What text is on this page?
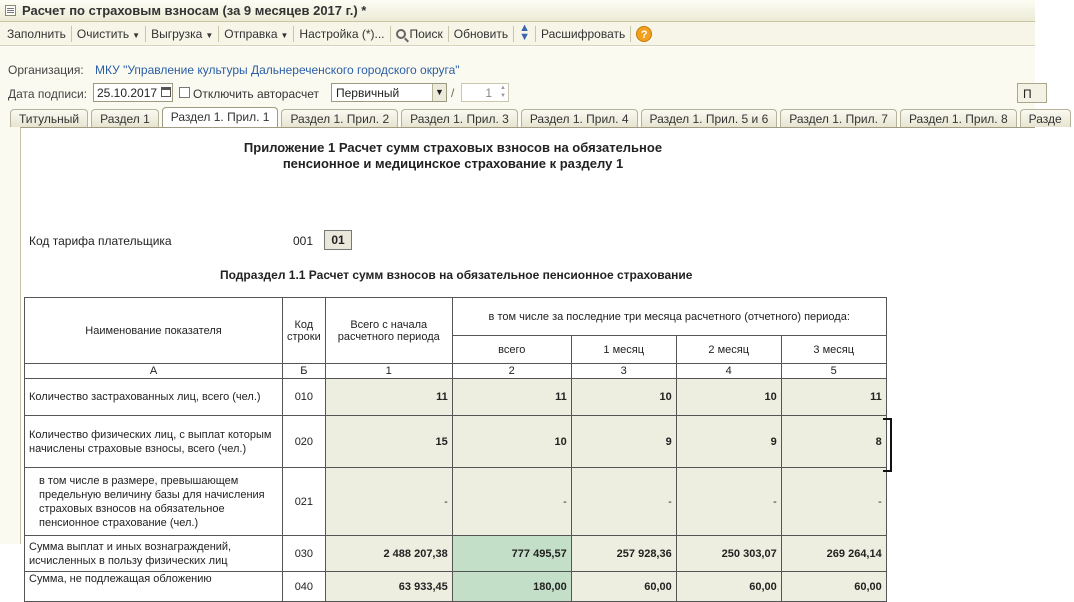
Расчет по страховым взносам (за 9 месяцев 2017 г.) *
Заполнить Очистить ▼ Выгрузка ▼ Отправка ▼ Настройка (*)...	Поиск Обновить ▲
▼ Расшифровать	?
Организация: МКУ "Управление культуры Дальнереченского городского округа"
Дата подписи: 25.10.2017	Отключить авторасчет	Первичный	▼ /	1	▲
▼	П
Титульный	Раздел 1	Раздел 1. Прил. 1	Раздел 1. Прил. 2	Раздел 1. Прил. 3	Раздел 1. Прил. 4	Раздел 1. Прил. 5 и 6	Раздел 1. Прил. 7	Раздел 1. Прил. 8	Разде
Приложение 1 Расчет сумм страховых взносов на обязательное
пенсионное и медицинское страхование к разделу 1
Код тарифа плательщика	001	01
Подраздел 1.1 Расчет сумм взносов на обязательное пенсионное страхование
Наименование показателя	Код строки	Всего с начала расчетного периода	в том числе за последние три месяца расчетного (отчетного) периода:			
			всего	1 месяц	2 месяц	3 месяц
А	Б	1	2	3	4	5
Количество застрахованных лиц, всего (чел.)	010	11	11	10	10	11
Количество физических лиц, с выплат которым начислены страховые взносы, всего (чел.)	020	15	10	9	9	8
в том числе в размере, превышающем предельную величину базы для начисления страховых взносов на обязательное пенсионное страхование (чел.)	021	-	-	-	-	-
Сумма выплат и иных вознаграждений, исчисленных в пользу физических лиц	030	2 488 207,38	777 495,57	257 928,36	250 303,07	269 264,14
Сумма, не подлежащая обложению	040	63 933,45	180,00	60,00	60,00	60,00
